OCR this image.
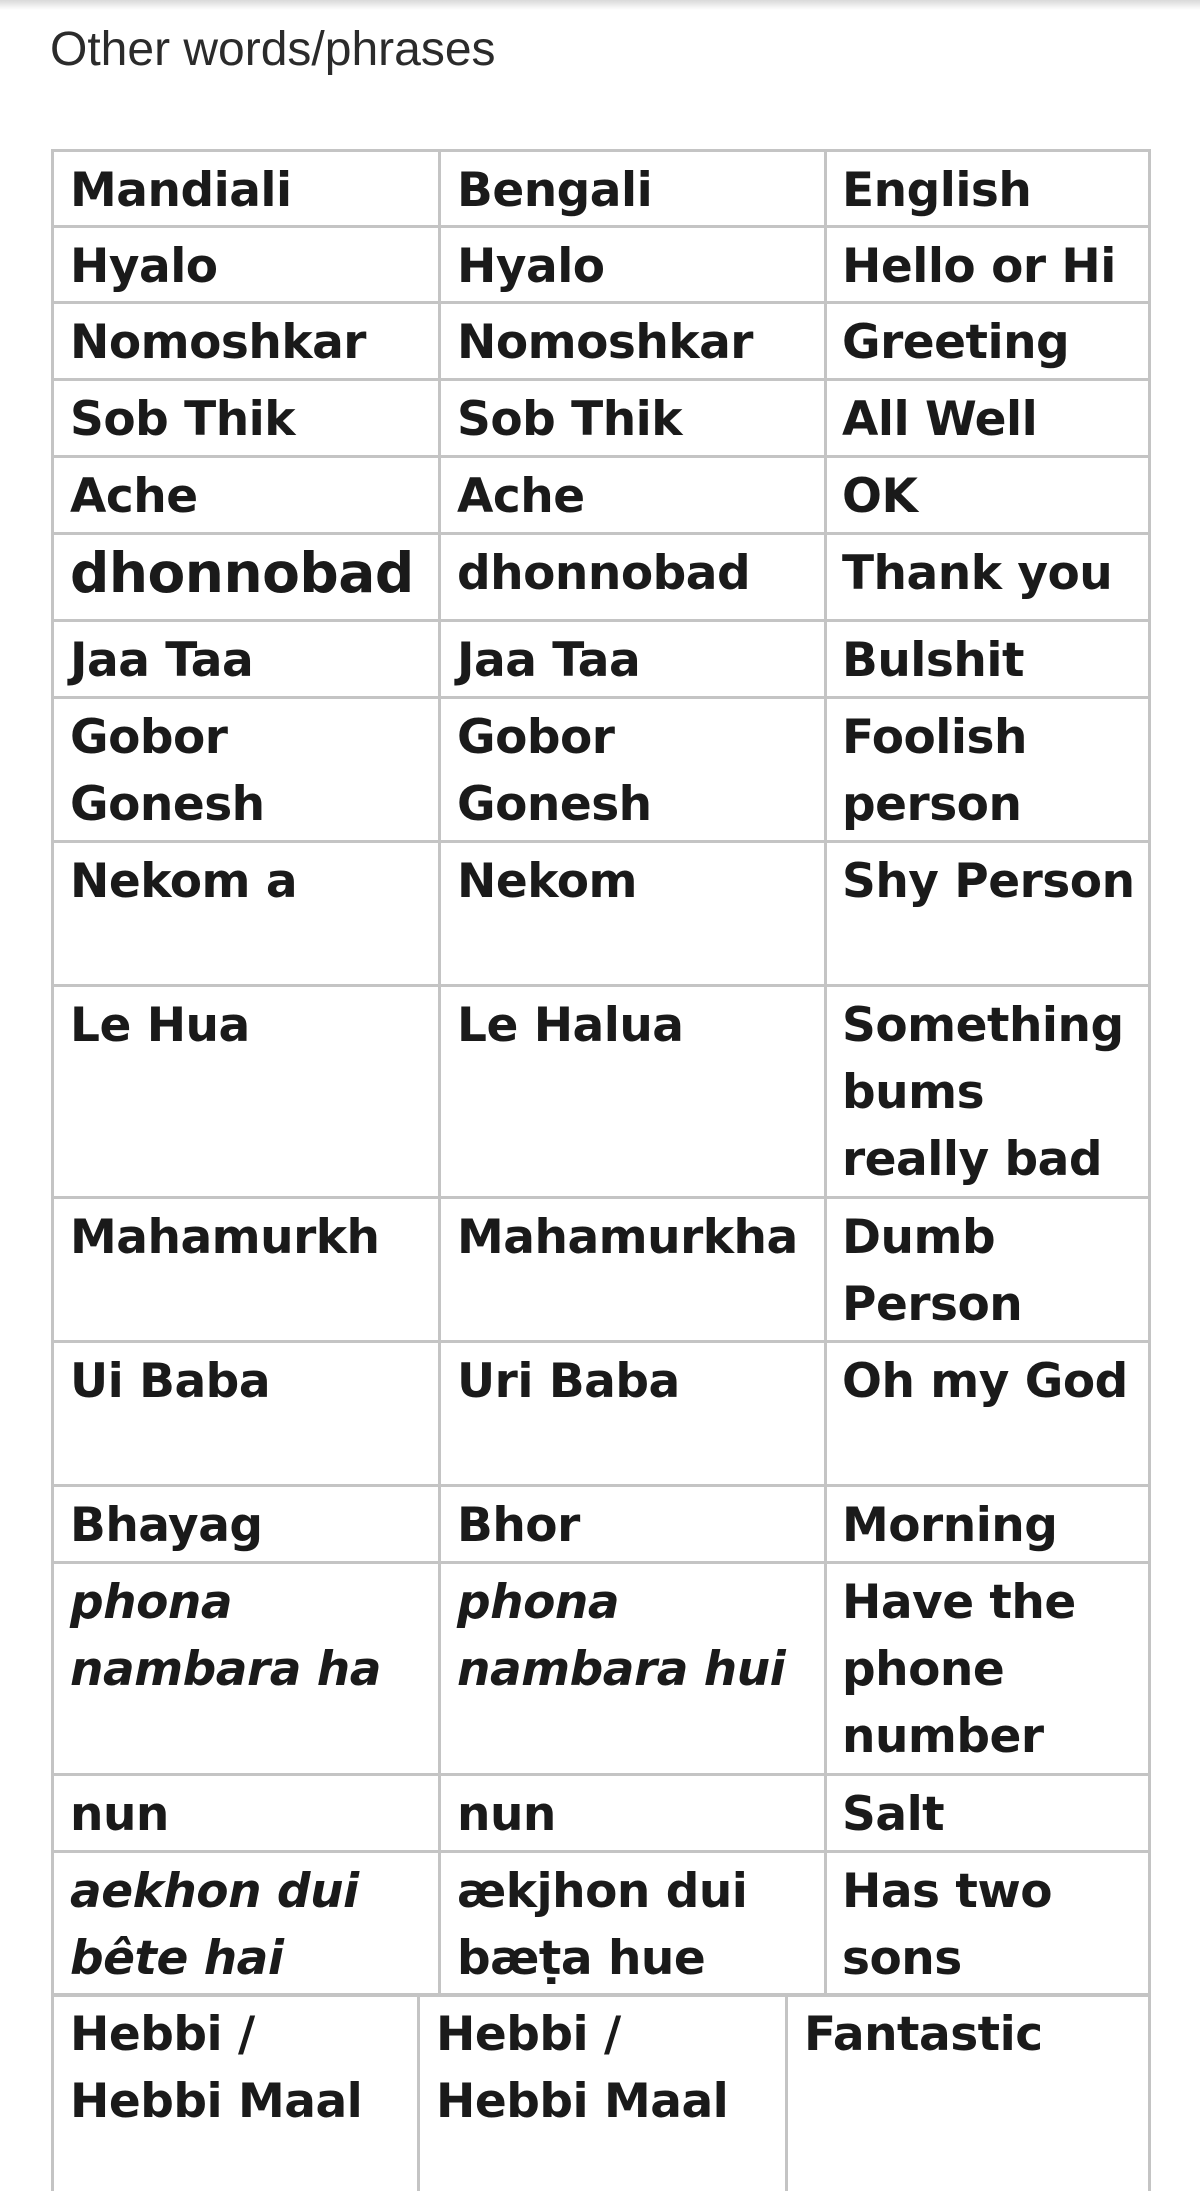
Other words/phrases
Mandiali	Bengali	English
Hyalo	Hyalo	Hello or Hi
Nomoshkar	Nomoshkar	Greeting
Sob Thik	Sob Thik	All Well
Ache	Ache	OK
dhonnobad	dhonnobad	Thank you
Jaa Taa	Jaa Taa	Bulshit
Gobor Gonesh	Gobor Gonesh	Foolish person
Nekom a	Nekom	Shy Person
Le Hua	Le Halua	Something bums really bad
Mahamurkh	Mahamurkha	Dumb Person
Ui Baba	Uri Baba	Oh my God
Bhayag	Bhor	Morning
phona nambara ha	phona nambara hui	Have the phone number
nun	nun	Salt
aekhon dui bête hai	ækjhon dui bæṭa hue	Has two sons
Hebbi / Hebbi Maal	Hebbi / Hebbi Maal	Fantastic
